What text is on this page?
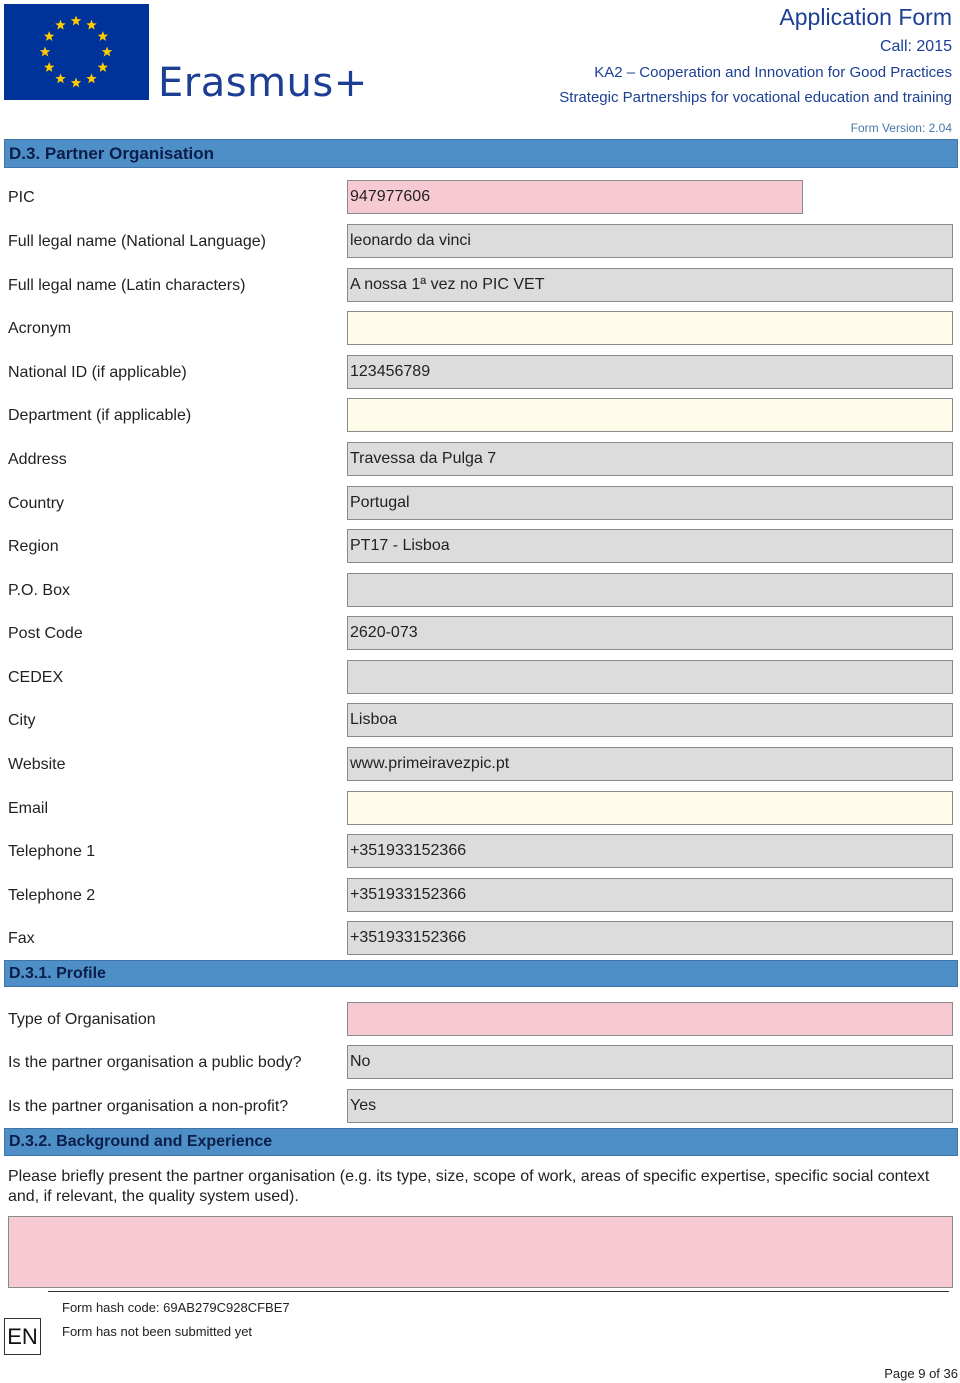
Erasmus+
Application Form
Call: 2015
KA2 – Cooperation and Innovation for Good Practices
Strategic Partnerships for vocational education and training
Form Version: 2.04
D.3. Partner Organisation
PIC	947977606
Full legal name (National Language)	leonardo da vinci
Full legal name (Latin characters)	A nossa 1ª vez no PIC VET
Acronym
National ID (if applicable)	123456789
Department (if applicable)
Address	Travessa da Pulga 7
Country	Portugal
Region	PT17 - Lisboa
P.O. Box
Post Code	2620-073
CEDEX
City	Lisboa
Website	www.primeiravezpic.pt
Email
Telephone 1	+351933152366
Telephone 2	+351933152366
Fax	+351933152366
D.3.1. Profile
Type of Organisation
Is the partner organisation a public body?	No
Is the partner organisation a non-profit?	Yes
D.3.2. Background and Experience
Please briefly present the partner organisation (e.g. its type, size, scope of work, areas of specific expertise, specific social context and, if relevant, the quality system used).
EN
Form hash code: 69AB279C928CFBE7
Form has not been submitted yet
Page 9 of 36
